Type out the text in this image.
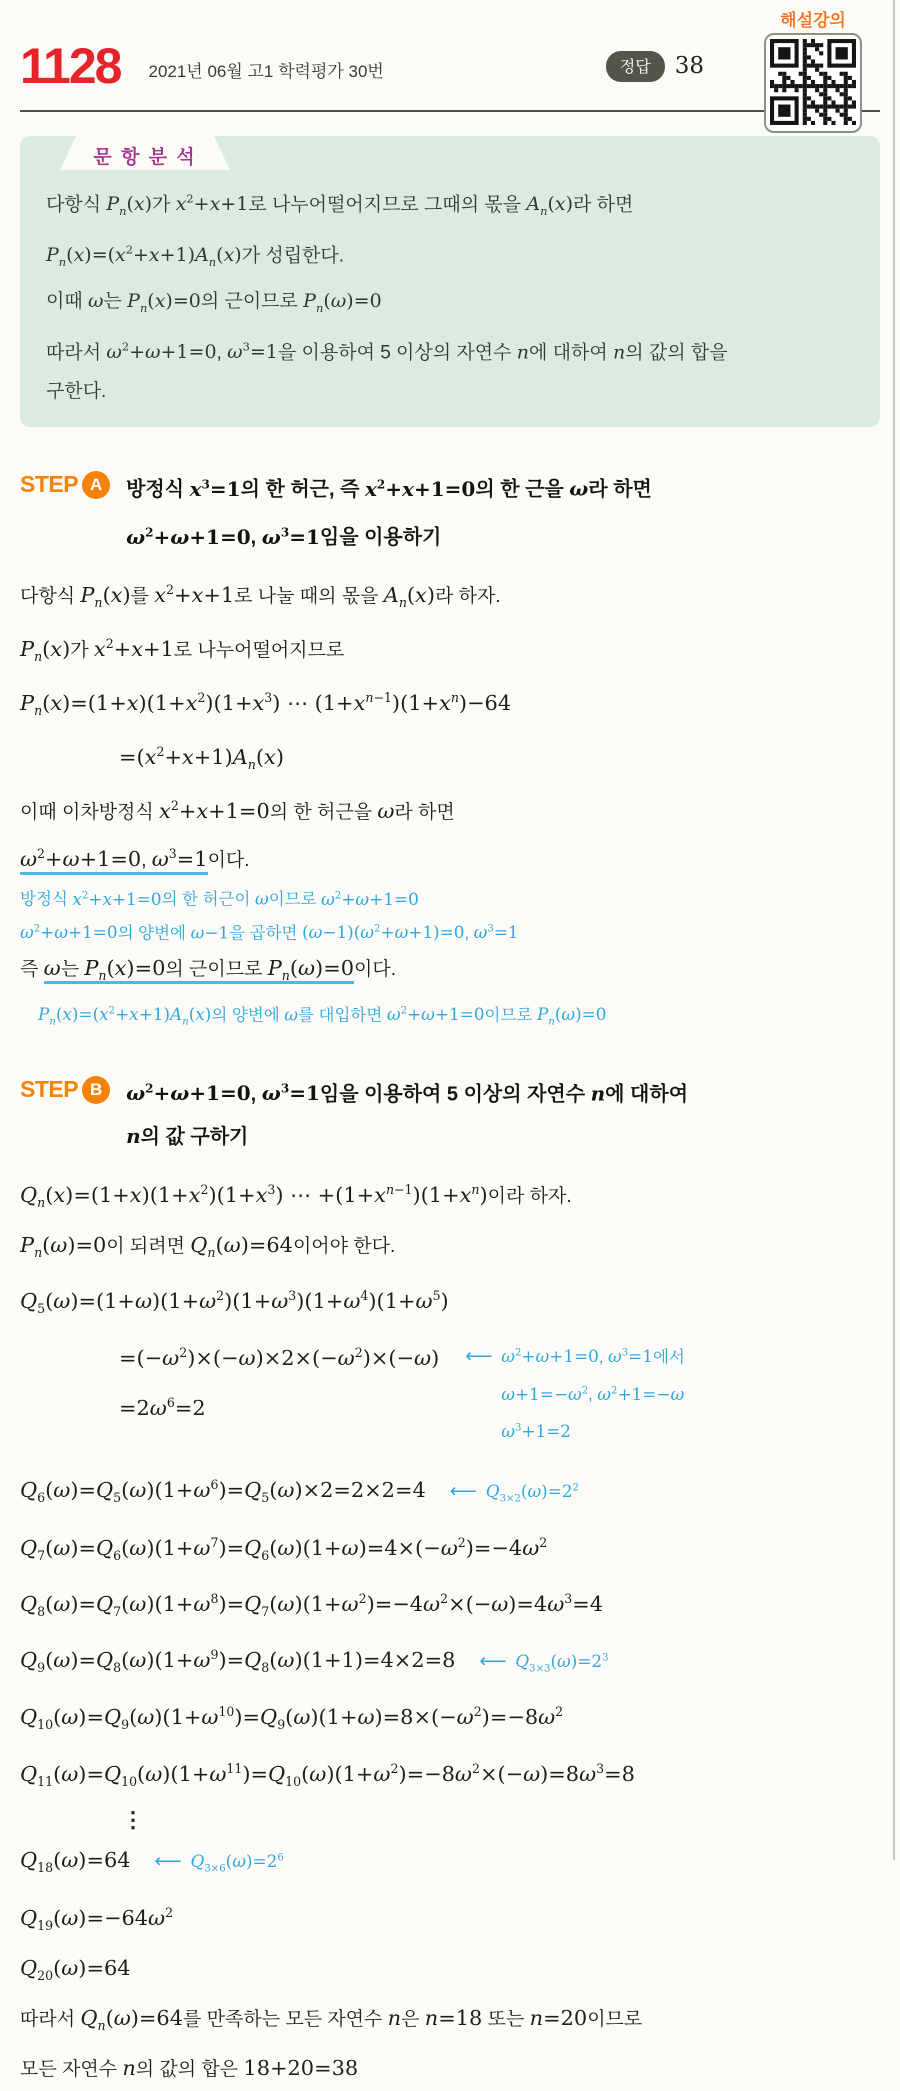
1128 2021년 06월 고1 학력평가 30번	정답	38
해설강의
문 항 분 석
다항식 $P_n(x)$가 $x^2+x+1$로 나누어떨어지므로 그때의 몫을 $A_n(x)$라 하면
$P_n(x)=(x^2+x+1)A_n(x)$가 성립한다.
이때 ω는 $P_n(x)=0$의 근이므로 $P_n(\omega)=0$
따라서 $\omega^2+\omega+1=0$, $\omega^3=1$을 이용하여 5 이상의 자연수 n에 대하여 n의 값의 합을
구한다.
STEP A	방정식 $x^3=1$의 한 허근, 즉 $x^2+x+1=0$의 한 근을 ω라 하면
$\omega^2+\omega+1=0$, $\omega^3=1$임을 이용하기
다항식 $P_n(x)$를 $x^2+x+1$로 나눌 때의 몫을 $A_n(x)$라 하자.
$P_n(x)$가 $x^2+x+1$로 나누어떨어지므로
$P_n(x)=(1+x)(1+x^2)(1+x^3)$ ⋯ $(1+x^{n-1})(1+x^n)-64$
$=(x^2+x+1)A_n(x)$
이때 이차방정식 $x^2+x+1=0$의 한 허근을 ω라 하면
$\omega^2+\omega+1=0$, $\omega^3=1$이다.
방정식 $x^2+x+1=0$의 한 허근이 ω이므로 $\omega^2+\omega+1=0$
$\omega^2+\omega+1=0$의 양변에 ω−1을 곱하면 $(\omega-1)(\omega^2+\omega+1)=0$, $\omega^3=1$
즉 ω는 $P_n(x)=0$의 근이므로 $P_n(\omega)=0$이다.
$P_n(x)=(x^2+x+1)A_n(x)$의 양변에 ω를 대입하면 $\omega^2+\omega+1=0$이므로 $P_n(\omega)=0$
STEP B	$\omega^2+\omega+1=0$, $\omega^3=1$임을 이용하여 5 이상의 자연수 n에 대하여
n의 값 구하기
$Q_n(x)=(1+x)(1+x^2)(1+x^3)$ ⋯ $+(1+x^{n-1})(1+x^n)$이라 하자.
$P_n(\omega)=0$이 되려면 $Q_n(\omega)=64$이어야 한다.
$Q_5(\omega)=(1+\omega)(1+\omega^2)(1+\omega^3)(1+\omega^4)(1+\omega^5)$
$=(-\omega^2)\times(-\omega)\times 2\times(-\omega^2)\times(-\omega)$
$=2\omega^6=2$
⟵ $\omega^2+\omega+1=0$, $\omega^3=1$에서
$\omega+1=-\omega^2$, $\omega^2+1=-\omega$
$\omega^3+1=2$
$Q_6(\omega)=Q_5(\omega)(1+\omega^6)=Q_5(\omega)\times 2=2\times 2=4$ ⟵ $Q_{3\times 2}(\omega)=2^2$
$Q_7(\omega)=Q_6(\omega)(1+\omega^7)=Q_6(\omega)(1+\omega)=4\times(-\omega^2)=-4\omega^2$
$Q_8(\omega)=Q_7(\omega)(1+\omega^8)=Q_7(\omega)(1+\omega^2)=-4\omega^2\times(-\omega)=4\omega^3=4$
$Q_9(\omega)=Q_8(\omega)(1+\omega^9)=Q_8(\omega)(1+1)=4\times 2=8$ ⟵ $Q_{3\times 3}(\omega)=2^3$
$Q_{10}(\omega)=Q_9(\omega)(1+\omega^{10})=Q_9(\omega)(1+\omega)=8\times(-\omega^2)=-8\omega^2$
$Q_{11}(\omega)=Q_{10}(\omega)(1+\omega^{11})=Q_{10}(\omega)(1+\omega^2)=-8\omega^2\times(-\omega)=8\omega^3=8$
⋮
$Q_{18}(\omega)=64$ ⟵ $Q_{3\times 6}(\omega)=2^6$
$Q_{19}(\omega)=-64\omega^2$
$Q_{20}(\omega)=64$
따라서 $Q_n(\omega)=64$를 만족하는 모든 자연수 n은 n=18 또는 n=20이므로
모든 자연수 n의 값의 합은 18+20=38
